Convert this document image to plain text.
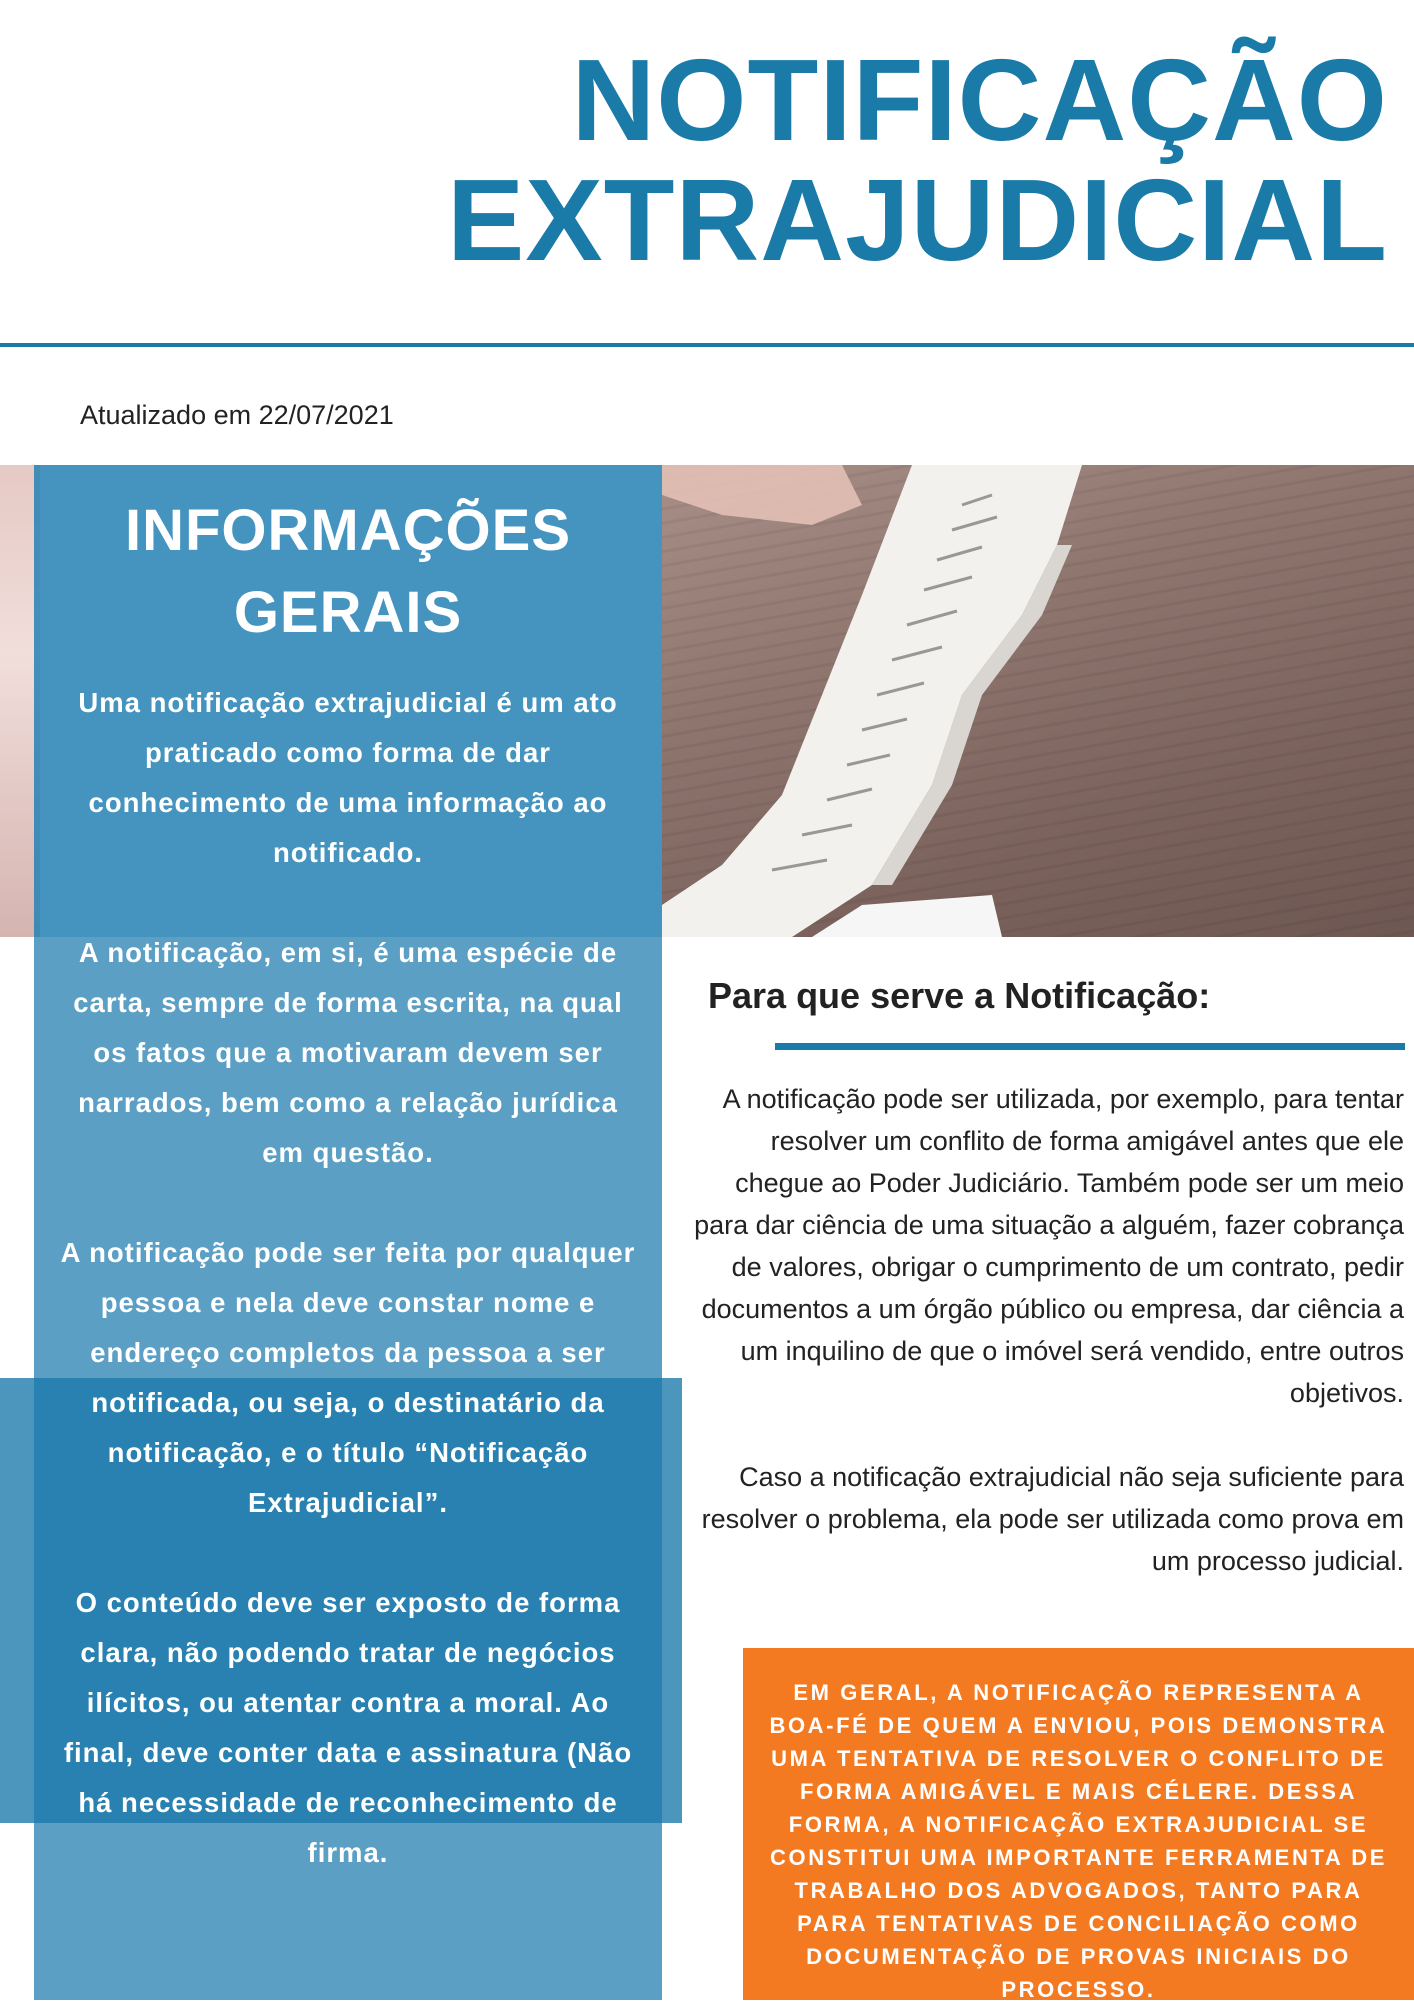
NOTIFICAÇÃO
EXTRAJUDICIAL
Atualizado em 22/07/2021
INFORMAÇÕES
GERAIS

Uma notificação extrajudicial é um ato praticado como forma de dar conhecimento de uma informação ao notificado.

A notificação, em si, é uma espécie de carta, sempre de forma escrita, na qual os fatos que a motivaram devem ser narrados, bem como a relação jurídica em questão.

A notificação pode ser feita por qualquer pessoa e nela deve constar nome e endereço completos da pessoa a ser notificada, ou seja, o destinatário da notificação, e o título “Notificação Extrajudicial”.

O conteúdo deve ser exposto de forma clara, não podendo tratar de negócios ilícitos, ou atentar contra a moral. Ao final, deve conter data e assinatura (Não há necessidade de reconhecimento de firma.

Para que serve a Notificação:

A notificação pode ser utilizada, por exemplo, para tentar resolver um conflito de forma amigável antes que ele chegue ao Poder Judiciário. Também pode ser um meio para dar ciência de uma situação a alguém, fazer cobrança de valores, obrigar o cumprimento de um contrato, pedir documentos a um órgão público ou empresa, dar ciência a um inquilino de que o imóvel será vendido, entre outros objetivos.

Caso a notificação extrajudicial não seja suficiente para resolver o problema, ela pode ser utilizada como prova em um processo judicial.

EM GERAL, A NOTIFICAÇÃO REPRESENTA A BOA-FÉ DE QUEM A ENVIOU, POIS DEMONSTRA UMA TENTATIVA DE RESOLVER O CONFLITO DE FORMA AMIGÁVEL E MAIS CÉLERE. DESSA FORMA, A NOTIFICAÇÃO EXTRAJUDICIAL SE CONSTITUI UMA IMPORTANTE FERRAMENTA DE TRABALHO DOS ADVOGADOS, TANTO PARA PARA TENTATIVAS DE CONCILIAÇÃO COMO DOCUMENTAÇÃO DE PROVAS INICIAIS DO PROCESSO.
